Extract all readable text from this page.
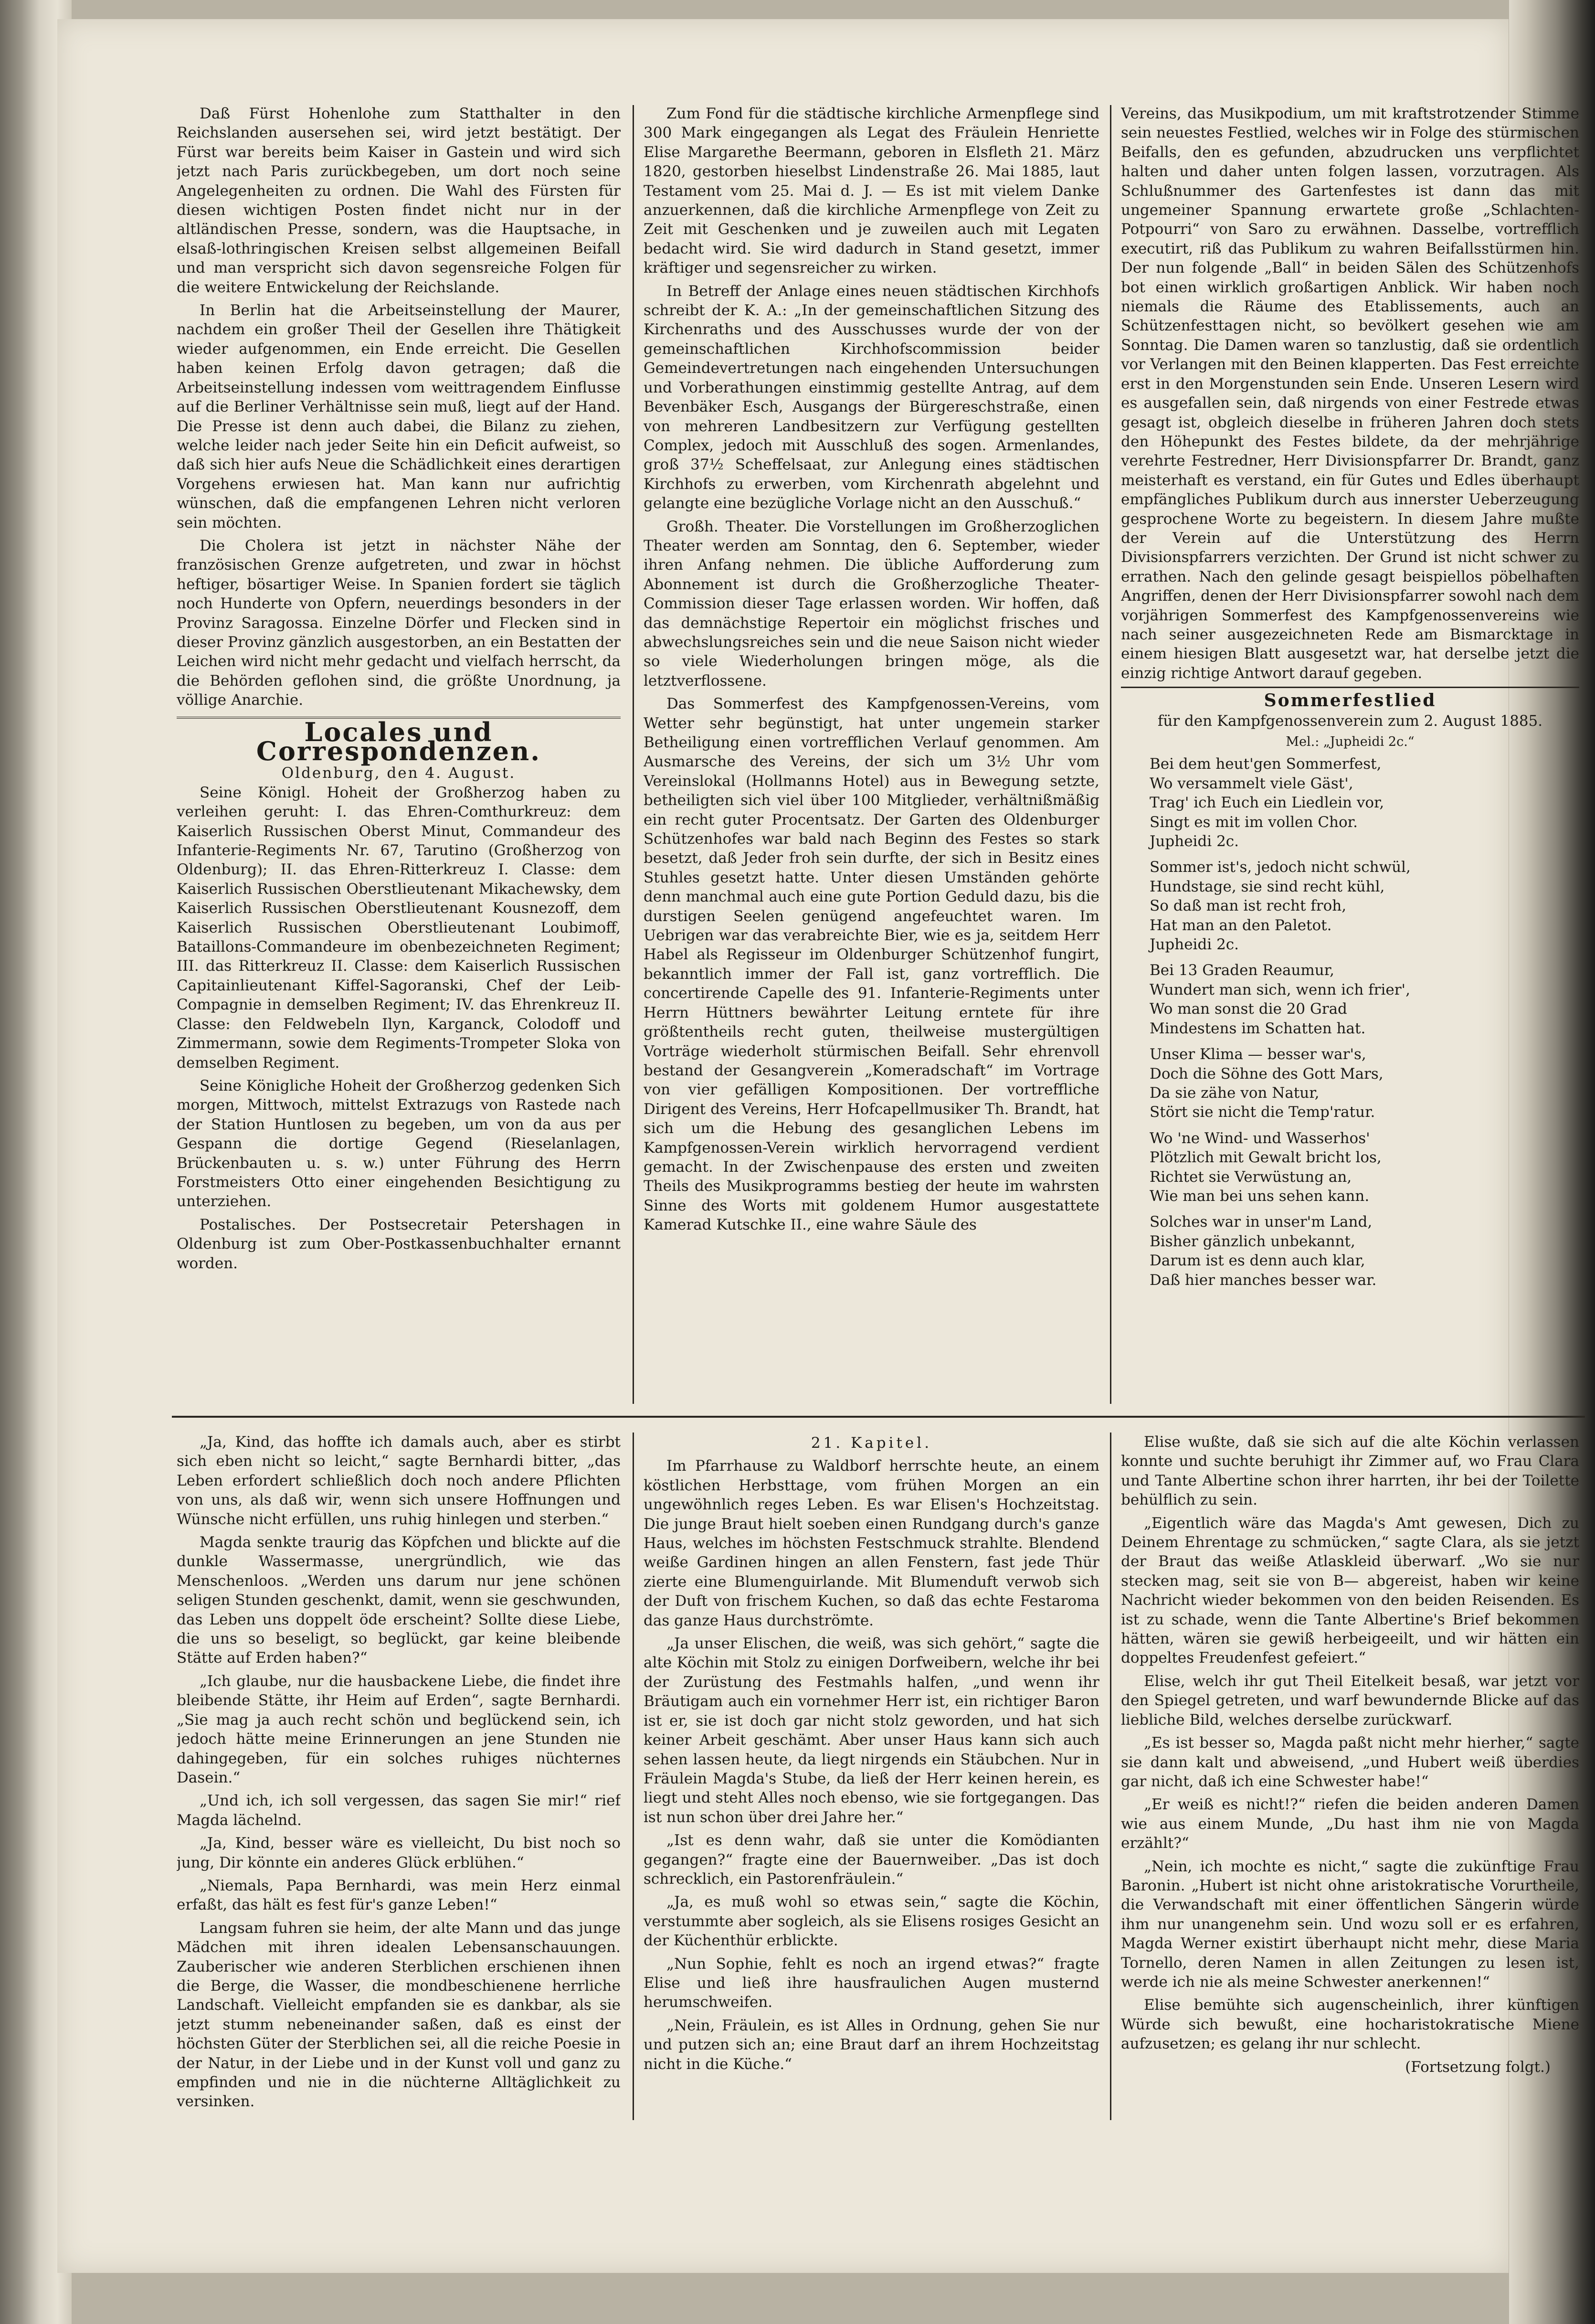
Daß Fürst Hohenlohe zum Statthalter in den Reichslanden ausersehen sei, wird jetzt bestätigt. Der Fürst war bereits beim Kaiser in Gastein und wird sich jetzt nach Paris zurückbegeben, um dort noch seine Angelegenheiten zu ordnen. Die Wahl des Fürsten für diesen wichtigen Posten findet nicht nur in der altländischen Presse, sondern, was die Hauptsache, in elsaß-lothringischen Kreisen selbst allgemeinen Beifall und man verspricht sich davon segensreiche Folgen für die weitere Entwickelung der Reichslande.

In Berlin hat die Arbeitseinstellung der Maurer, nachdem ein großer Theil der Gesellen ihre Thätigkeit wieder aufgenommen, ein Ende erreicht. Die Gesellen haben keinen Erfolg davon getragen; daß die Arbeitseinstellung indessen vom weittragendem Einflusse auf die Berliner Verhältnisse sein muß, liegt auf der Hand. Die Presse ist denn auch dabei, die Bilanz zu ziehen, welche leider nach jeder Seite hin ein Deficit aufweist, so daß sich hier aufs Neue die Schädlichkeit eines derartigen Vorgehens erwiesen hat. Man kann nur aufrichtig wünschen, daß die empfangenen Lehren nicht verloren sein möchten.

Die Cholera ist jetzt in nächster Nähe der französischen Grenze aufgetreten, und zwar in höchst heftiger, bösartiger Weise. In Spanien fordert sie täglich noch Hunderte von Opfern, neuerdings besonders in der Provinz Saragossa. Einzelne Dörfer und Flecken sind in dieser Provinz gänzlich ausgestorben, an ein Bestatten der Leichen wird nicht mehr gedacht und vielfach herrscht, da die Behörden geflohen sind, die größte Unordnung, ja völlige Anarchie.

Locales und Correspondenzen.
Oldenburg, den 4. August.

Seine Königl. Hoheit der Großherzog haben zu verleihen geruht: I. das Ehren-Comthurkreuz: dem Kaiserlich Russischen Oberst Minut, Commandeur des Infanterie-Regiments Nr. 67, Tarutino (Großherzog von Oldenburg); II. das Ehren-Ritterkreuz I. Classe: dem Kaiserlich Russischen Oberstlieutenant Mikachewsky, dem Kaiserlich Russischen Oberstlieutenant Kousnezoff, dem Kaiserlich Russischen Oberstlieutenant Loubimoff, Bataillons-Commandeure im obenbezeichneten Regiment; III. das Ritterkreuz II. Classe: dem Kaiserlich Russischen Capitainlieutenant Kiffel-Sagoranski, Chef der Leib-Compagnie in demselben Regiment; IV. das Ehrenkreuz II. Classe: den Feldwebeln Ilyn, Karganck, Colodoff und Zimmermann, sowie dem Regiments-Trompeter Sloka von demselben Regiment.

Seine Königliche Hoheit der Großherzog gedenken Sich morgen, Mittwoch, mittelst Extrazugs von Rastede nach der Station Huntlosen zu begeben, um von da aus per Gespann die dortige Gegend (Rieselanlagen, Brückenbauten u. s. w.) unter Führung des Herrn Forstmeisters Otto einer eingehenden Besichtigung zu unterziehen.

Postalisches. Der Postsecretair Petershagen in Oldenburg ist zum Ober-Postkassenbuchhalter ernannt worden.

Zum Fond für die städtische kirchliche Armenpflege sind 300 Mark eingegangen als Legat des Fräulein Henriette Elise Margarethe Beermann, geboren in Elsfleth 21. März 1820, gestorben hieselbst Lindenstraße 26. Mai 1885, laut Testament vom 25. Mai d. J. — Es ist mit vielem Danke anzuerkennen, daß die kirchliche Armenpflege von Zeit zu Zeit mit Geschenken und je zuweilen auch mit Legaten bedacht wird. Sie wird dadurch in Stand gesetzt, immer kräftiger und segensreicher zu wirken.

In Betreff der Anlage eines neuen städtischen Kirchhofs schreibt der K. A.: „In der gemeinschaftlichen Sitzung des Kirchenraths und des Ausschusses wurde der von der gemeinschaftlichen Kirchhofscommission beider Gemeindevertretungen nach eingehenden Untersuchungen und Vorberathungen einstimmig gestellte Antrag, auf dem Bevenbäker Esch, Ausgangs der Bürgereschstraße, einen von mehreren Landbesitzern zur Verfügung gestellten Complex, jedoch mit Ausschluß des sogen. Armenlandes, groß 37½ Scheffelsaat, zur Anlegung eines städtischen Kirchhofs zu erwerben, vom Kirchenrath abgelehnt und gelangte eine bezügliche Vorlage nicht an den Ausschuß.“

Großh. Theater. Die Vorstellungen im Großherzoglichen Theater werden am Sonntag, den 6. September, wieder ihren Anfang nehmen. Die übliche Aufforderung zum Abonnement ist durch die Großherzogliche Theater-Commission dieser Tage erlassen worden. Wir hoffen, daß das demnächstige Repertoir ein möglichst frisches und abwechslungsreiches sein und die neue Saison nicht wieder so viele Wiederholungen bringen möge, als die letztverflossene.

Das Sommerfest des Kampfgenossen-Vereins, vom Wetter sehr begünstigt, hat unter ungemein starker Betheiligung einen vortrefflichen Verlauf genommen. Am Ausmarsche des Vereins, der sich um 3½ Uhr vom Vereinslokal (Hollmanns Hotel) aus in Bewegung setzte, betheiligten sich viel über 100 Mitglieder, verhältnißmäßig ein recht guter Procentsatz. Der Garten des Oldenburger Schützenhofes war bald nach Beginn des Festes so stark besetzt, daß Jeder froh sein durfte, der sich in Besitz eines Stuhles gesetzt hatte. Unter diesen Umständen gehörte denn manchmal auch eine gute Portion Geduld dazu, bis die durstigen Seelen genügend angefeuchtet waren. Im Uebrigen war das verabreichte Bier, wie es ja, seitdem Herr Habel als Regisseur im Oldenburger Schützenhof fungirt, bekanntlich immer der Fall ist, ganz vortrefflich. Die concertirende Capelle des 91. Infanterie-Regiments unter Herrn Hüttners bewährter Leitung erntete für ihre größtentheils recht guten, theilweise mustergültigen Vorträge wiederholt stürmischen Beifall. Sehr ehrenvoll bestand der Gesangverein „Komeradschaft“ im Vortrage von vier gefälligen Kompositionen. Der vortreffliche Dirigent des Vereins, Herr Hofcapellmusiker Th. Brandt, hat sich um die Hebung des gesanglichen Lebens im Kampfgenossen-Verein wirklich hervorragend verdient gemacht. In der Zwischenpause des ersten und zweiten Theils des Musikprogramms bestieg der heute im wahrsten Sinne des Worts mit goldenem Humor ausgestattete Kamerad Kutschke II., eine wahre Säule des

Vereins, das Musikpodium, um mit kraftstrotzender Stimme sein neuestes Festlied, welches wir in Folge des stürmischen Beifalls, den es gefunden, abzudrucken uns verpflichtet halten und daher unten folgen lassen, vorzutragen. Als Schlußnummer des Gartenfestes ist dann das mit ungemeiner Spannung erwartete große „Schlachten-Potpourri“ von Saro zu erwähnen. Dasselbe, vortrefflich executirt, riß das Publikum zu wahren Beifallsstürmen hin. Der nun folgende „Ball“ in beiden Sälen des Schützenhofs bot einen wirklich großartigen Anblick. Wir haben noch niemals die Räume des Etablissements, auch an Schützenfesttagen nicht, so bevölkert gesehen wie am Sonntag. Die Damen waren so tanzlustig, daß sie ordentlich vor Verlangen mit den Beinen klapperten. Das Fest erreichte erst in den Morgenstunden sein Ende. Unseren Lesern wird es ausgefallen sein, daß nirgends von einer Festrede etwas gesagt ist, obgleich dieselbe in früheren Jahren doch stets den Höhepunkt des Festes bildete, da der mehrjährige verehrte Festredner, Herr Divisionspfarrer Dr. Brandt, ganz meisterhaft es verstand, ein für Gutes und Edles überhaupt empfängliches Publikum durch aus innerster Ueberzeugung gesprochene Worte zu begeistern. In diesem Jahre mußte der Verein auf die Unterstützung des Herrn Divisionspfarrers verzichten. Der Grund ist nicht schwer zu errathen. Nach den gelinde gesagt beispiellos pöbelhaften Angriffen, denen der Herr Divisionspfarrer sowohl nach dem vorjährigen Sommerfest des Kampfgenossenvereins wie nach seiner ausgezeichneten Rede am Bismarcktage in einem hiesigen Blatt ausgesetzt war, hat derselbe jetzt die einzig richtige Antwort darauf gegeben.

Sommerfestlied
für den Kampfgenossenverein zum 2. August 1885.
Mel.: „Jupheidi 2c.“
Bei dem heut'gen Sommerfest,
Wo versammelt viele Gäst',
Trag' ich Euch ein Liedlein vor,
Singt es mit im vollen Chor.
Jupheidi 2c.
Sommer ist's, jedoch nicht schwül,
Hundstage, sie sind recht kühl,
So daß man ist recht froh,
Hat man an den Paletot.
Jupheidi 2c.
Bei 13 Graden Reaumur,
Wundert man sich, wenn ich frier',
Wo man sonst die 20 Grad
Mindestens im Schatten hat.
Unser Klima — besser war's,
Doch die Söhne des Gott Mars,
Da sie zähe von Natur,
Stört sie nicht die Temp'ratur.
Wo 'ne Wind- und Wasserhos'
Plötzlich mit Gewalt bricht los,
Richtet sie Verwüstung an,
Wie man bei uns sehen kann.
Solches war in unser'm Land,
Bisher gänzlich unbekannt,
Darum ist es denn auch klar,
Daß hier manches besser war.

„Ja, Kind, das hoffte ich damals auch, aber es stirbt sich eben nicht so leicht,“ sagte Bernhardi bitter, „das Leben erfordert schließlich doch noch andere Pflichten von uns, als daß wir, wenn sich unsere Hoffnungen und Wünsche nicht erfüllen, uns ruhig hinlegen und sterben.“

Magda senkte traurig das Köpfchen und blickte auf die dunkle Wassermasse, unergründlich, wie das Menschenloos. „Werden uns darum nur jene schönen seligen Stunden geschenkt, damit, wenn sie geschwunden, das Leben uns doppelt öde erscheint? Sollte diese Liebe, die uns so beseligt, so beglückt, gar keine bleibende Stätte auf Erden haben?“

„Ich glaube, nur die hausbackene Liebe, die findet ihre bleibende Stätte, ihr Heim auf Erden“, sagte Bernhardi. „Sie mag ja auch recht schön und beglückend sein, ich jedoch hätte meine Erinnerungen an jene Stunden nie dahingegeben, für ein solches ruhiges nüchternes Dasein.“

„Und ich, ich soll vergessen, das sagen Sie mir!“ rief Magda lächelnd.

„Ja, Kind, besser wäre es vielleicht, Du bist noch so jung, Dir könnte ein anderes Glück erblühen.“

„Niemals, Papa Bernhardi, was mein Herz einmal erfaßt, das hält es fest für's ganze Leben!“

Langsam fuhren sie heim, der alte Mann und das junge Mädchen mit ihren idealen Lebensanschauungen. Zauberischer wie anderen Sterblichen erschienen ihnen die Berge, die Wasser, die mondbeschienene herrliche Landschaft. Vielleicht empfanden sie es dankbar, als sie jetzt stumm nebeneinander saßen, daß es einst der höchsten Güter der Sterblichen sei, all die reiche Poesie in der Natur, in der Liebe und in der Kunst voll und ganz zu empfinden und nie in die nüchterne Alltäglichkeit zu versinken.

21. Kapitel.

Im Pfarrhause zu Waldborf herrschte heute, an einem köstlichen Herbsttage, vom frühen Morgen an ein ungewöhnlich reges Leben. Es war Elisen's Hochzeitstag. Die junge Braut hielt soeben einen Rundgang durch's ganze Haus, welches im höchsten Festschmuck strahlte. Blendend weiße Gardinen hingen an allen Fenstern, fast jede Thür zierte eine Blumenguirlande. Mit Blumenduft verwob sich der Duft von frischem Kuchen, so daß das echte Festaroma das ganze Haus durchströmte.

„Ja unser Elischen, die weiß, was sich gehört,“ sagte die alte Köchin mit Stolz zu einigen Dorfweibern, welche ihr bei der Zurüstung des Festmahls halfen, „und wenn ihr Bräutigam auch ein vornehmer Herr ist, ein richtiger Baron ist er, sie ist doch gar nicht stolz geworden, und hat sich keiner Arbeit geschämt. Aber unser Haus kann sich auch sehen lassen heute, da liegt nirgends ein Stäubchen. Nur in Fräulein Magda's Stube, da ließ der Herr keinen herein, es liegt und steht Alles noch ebenso, wie sie fortgegangen. Das ist nun schon über drei Jahre her.“

„Ist es denn wahr, daß sie unter die Komödianten gegangen?“ fragte eine der Bauernweiber. „Das ist doch schrecklich, ein Pastorenfräulein.“

„Ja, es muß wohl so etwas sein,“ sagte die Köchin, verstummte aber sogleich, als sie Elisens rosiges Gesicht an der Küchenthür erblickte.

„Nun Sophie, fehlt es noch an irgend etwas?“ fragte Elise und ließ ihre hausfraulichen Augen musternd herumschweifen.

„Nein, Fräulein, es ist Alles in Ordnung, gehen Sie nur und putzen sich an; eine Braut darf an ihrem Hochzeitstag nicht in die Küche.“

Elise wußte, daß sie sich auf die alte Köchin verlassen konnte und suchte beruhigt ihr Zimmer auf, wo Frau Clara und Tante Albertine schon ihrer harrten, ihr bei der Toilette behülflich zu sein.

„Eigentlich wäre das Magda's Amt gewesen, Dich zu Deinem Ehrentage zu schmücken,“ sagte Clara, als sie jetzt der Braut das weiße Atlaskleid überwarf. „Wo sie nur stecken mag, seit sie von B— abgereist, haben wir keine Nachricht wieder bekommen von den beiden Reisenden. Es ist zu schade, wenn die Tante Albertine's Brief bekommen hätten, wären sie gewiß herbeigeeilt, und wir hätten ein doppeltes Freudenfest gefeiert.“

Elise, welch ihr gut Theil Eitelkeit besaß, war jetzt vor den Spiegel getreten, und warf bewundernde Blicke auf das liebliche Bild, welches derselbe zurückwarf.

„Es ist besser so, Magda paßt nicht mehr hierher,“ sagte sie dann kalt und abweisend, „und Hubert weiß überdies gar nicht, daß ich eine Schwester habe!“

„Er weiß es nicht!?“ riefen die beiden anderen Damen wie aus einem Munde, „Du hast ihm nie von Magda erzählt?“

„Nein, ich mochte es nicht,“ sagte die zukünftige Frau Baronin. „Hubert ist nicht ohne aristokratische Vorurtheile, die Verwandschaft mit einer öffentlichen Sängerin würde ihm nur unangenehm sein. Und wozu soll er es erfahren, Magda Werner existirt überhaupt nicht mehr, diese Maria Tornello, deren Namen in allen Zeitungen zu lesen ist, werde ich nie als meine Schwester anerkennen!“

Elise bemühte sich augenscheinlich, ihrer künftigen Würde sich bewußt, eine hocharistokratische Miene aufzusetzen; es gelang ihr nur schlecht.

(Fortsetzung folgt.)
